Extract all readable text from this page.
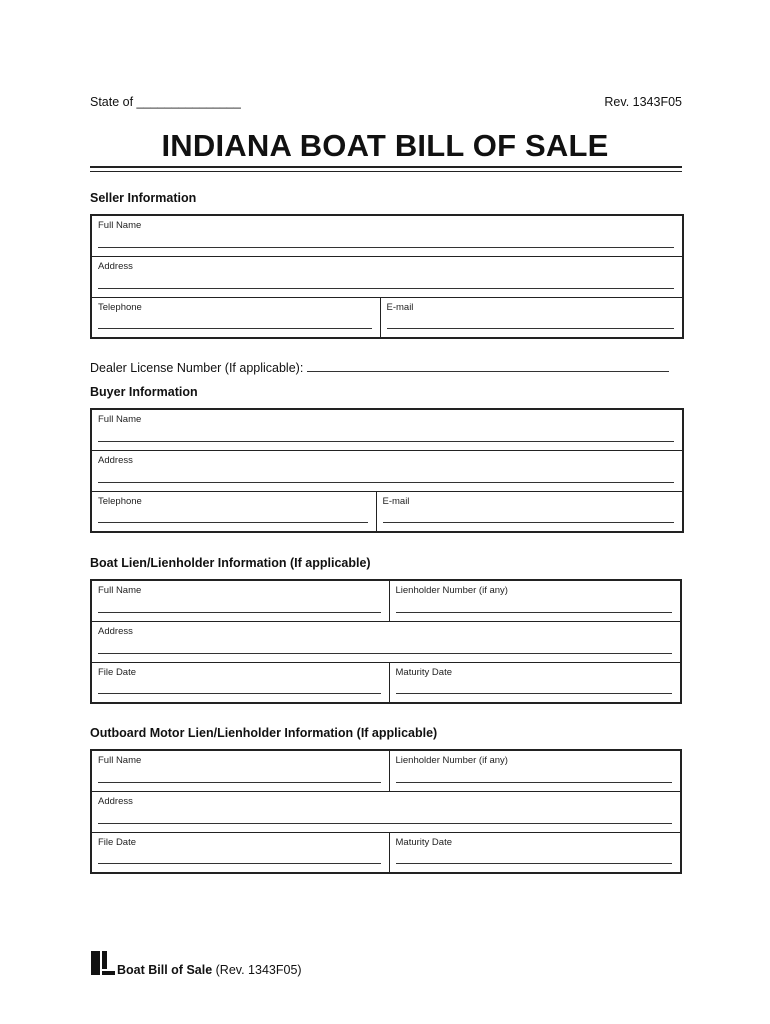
State of _______________	Rev. 1343F05
INDIANA BOAT BILL OF SALE
Seller Information
Full Name

Address

Telephone	E-mail
Dealer License Number (If applicable):
Buyer Information
Full Name

Address

Telephone	E-mail
Boat Lien/Lienholder Information (If applicable)
Full Name	Lienholder Number (if any)

Address	

File Date	Maturity Date
Outboard Motor Lien/Lienholder Information (If applicable)
Full Name	Lienholder Number (if any)

Address	

File Date	Maturity Date
Boat Bill of Sale (Rev. 1343F05)
